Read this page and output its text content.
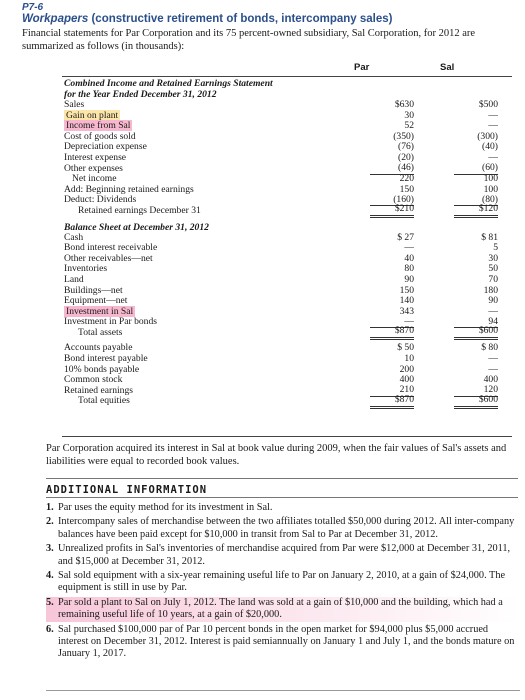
P7-6
Workpapers (constructive retirement of bonds, intercompany sales)
Financial statements for Par Corporation and its 75 percent-owned subsidiary, Sal Corporation, for 2012 are summarized as follows (in thousands):
Par	Sal
Combined Income and Retained Earnings Statement
for the Year Ended December 31, 2012
Sales	$630	$500
Gain on plant	30	—
Income from Sal	52	—
Cost of goods sold	(350)	(300)
Depreciation expense	(76)	(40)
Interest expense	(20)	—
Other expenses	(46)	(60)
Net income	220	100
Add: Beginning retained earnings	150	100
Deduct: Dividends	(160)	(80)
Retained earnings December 31	$210	$120
Balance Sheet at December 31, 2012
Cash	$ 27	$ 81
Bond interest receivable	—	5
Other receivables—net	40	30
Inventories	80	50
Land	90	70
Buildings—net	150	180
Equipment—net	140	90
Investment in Sal	343	—
Investment in Par bonds	—	94
Total assets	$870	$600
Accounts payable	$ 50	$ 80
Bond interest payable	10	—
10% bonds payable	200	—
Common stock	400	400
Retained earnings	210	120
Total equities	$870	$600
Par Corporation acquired its interest in Sal at book value during 2009, when the fair values of Sal's assets and liabilities were equal to recorded book values.
ADDITIONAL INFORMATION
1. Par uses the equity method for its investment in Sal.
2. Intercompany sales of merchandise between the two affiliates totalled $50,000 during 2012. All inter-company balances have been paid except for $10,000 in transit from Sal to Par at December 31, 2012.
3. Unrealized profits in Sal's inventories of merchandise acquired from Par were $12,000 at December 31, 2011, and $15,000 at December 31, 2012.
4. Sal sold equipment with a six-year remaining useful life to Par on January 2, 2010, at a gain of $24,000. The equipment is still in use by Par.
5. Par sold a plant to Sal on July 1, 2012. The land was sold at a gain of $10,000 and the building, which had a remaining useful life of 10 years, at a gain of $20,000.
6. Sal purchased $100,000 par of Par 10 percent bonds in the open market for $94,000 plus $5,000 accrued interest on December 31, 2012. Interest is paid semiannually on January 1 and July 1, and the bonds mature on January 1, 2017.
